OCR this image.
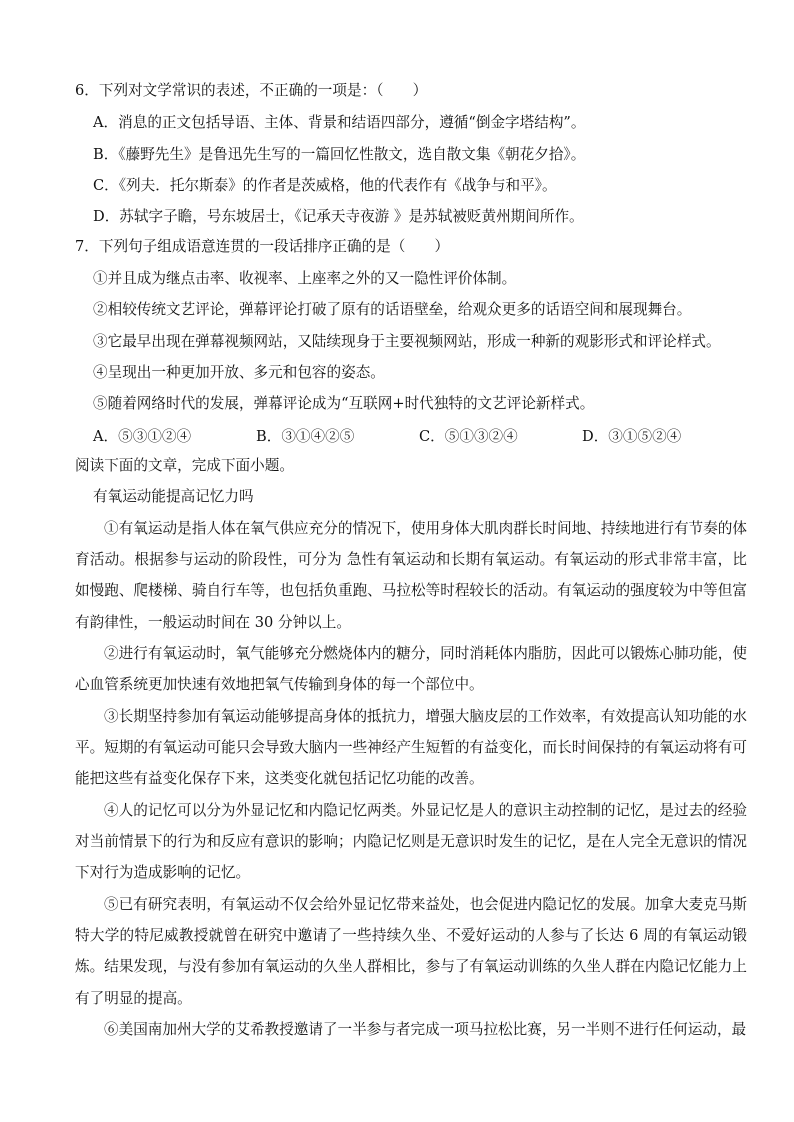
6．下列对文学常识的表述，不正确的一项是：（　　）
A．消息的正文包括导语、主体、背景和结语四部分，遵循“倒金字塔结构”。
B．《藤野先生》是鲁迅先生写的一篇回忆性散文，选自散文集《朝花夕拾》。
C．《列夫．托尔斯泰》的作者是茨威格，他的代表作有《战争与和平》。
D．苏轼字子瞻，号东坡居士，《记承天寺夜游 》是苏轼被贬黄州期间所作。
7．下列句子组成语意连贯的一段话排序正确的是（　　）
①并且成为继点击率、收视率、上座率之外的又一隐性评价体制。
②相较传统文艺评论，弹幕评论打破了原有的话语壁垒，给观众更多的话语空间和展现舞台。
③它最早出现在弹幕视频网站，又陆续现身于主要视频网站，形成一种新的观影形式和评论样式。
④呈现出一种更加开放、多元和包容的姿态。
⑤随着网络时代的发展，弹幕评论成为“互联网+时代独特的文艺评论新样式。
A．⑤③①②④	B．③①④②⑤	C．⑤①③②④	D．③①⑤②④
阅读下面的文章，完成下面小题。
有氧运动能提高记忆力吗
①有氧运动是指人体在氧气供应充分的情况下，使用身体大肌肉群长时间地、持续地进行有节奏的体育活动。根据参与运动的阶段性，可分为 急性有氧运动和长期有氧运动。有氧运动的形式非常丰富，比如慢跑、爬楼梯、骑自行车等，也包括负重跑、马拉松等时程较长的活动。有氧运动的强度较为中等但富有韵律性，一般运动时间在 30 分钟以上。
②进行有氧运动时，氧气能够充分燃烧体内的糖分，同时消耗体内脂肪，因此可以锻炼心肺功能，使心血管系统更加快速有效地把氧气传输到身体的每一个部位中。
③长期坚持参加有氧运动能够提高身体的抵抗力，增强大脑皮层的工作效率，有效提高认知功能的水平。短期的有氧运动可能只会导致大脑内一些神经产生短暂的有益变化，而长时间保持的有氧运动将有可能把这些有益变化保存下来，这类变化就包括记忆功能的改善。
④人的记忆可以分为外显记忆和内隐记忆两类。外显记忆是人的意识主动控制的记忆，是过去的经验对当前情景下的行为和反应有意识的影响；内隐记忆则是无意识时发生的记忆，是在人完全无意识的情况下对行为造成影响的记忆。
⑤已有研究表明，有氧运动不仅会给外显记忆带来益处，也会促进内隐记忆的发展。加拿大麦克马斯特大学的特尼威教授就曾在研究中邀请了一些持续久坐、不爱好运动的人参与了长达 6 周的有氧运动锻炼。结果发现，与没有参加有氧运动的久坐人群相比，参与了有氧运动训练的久坐人群在内隐记忆能力上有了明显的提高。
⑥美国南加州大学的艾希教授邀请了一半参与者完成一项马拉松比赛，另一半则不进行任何运动，最
